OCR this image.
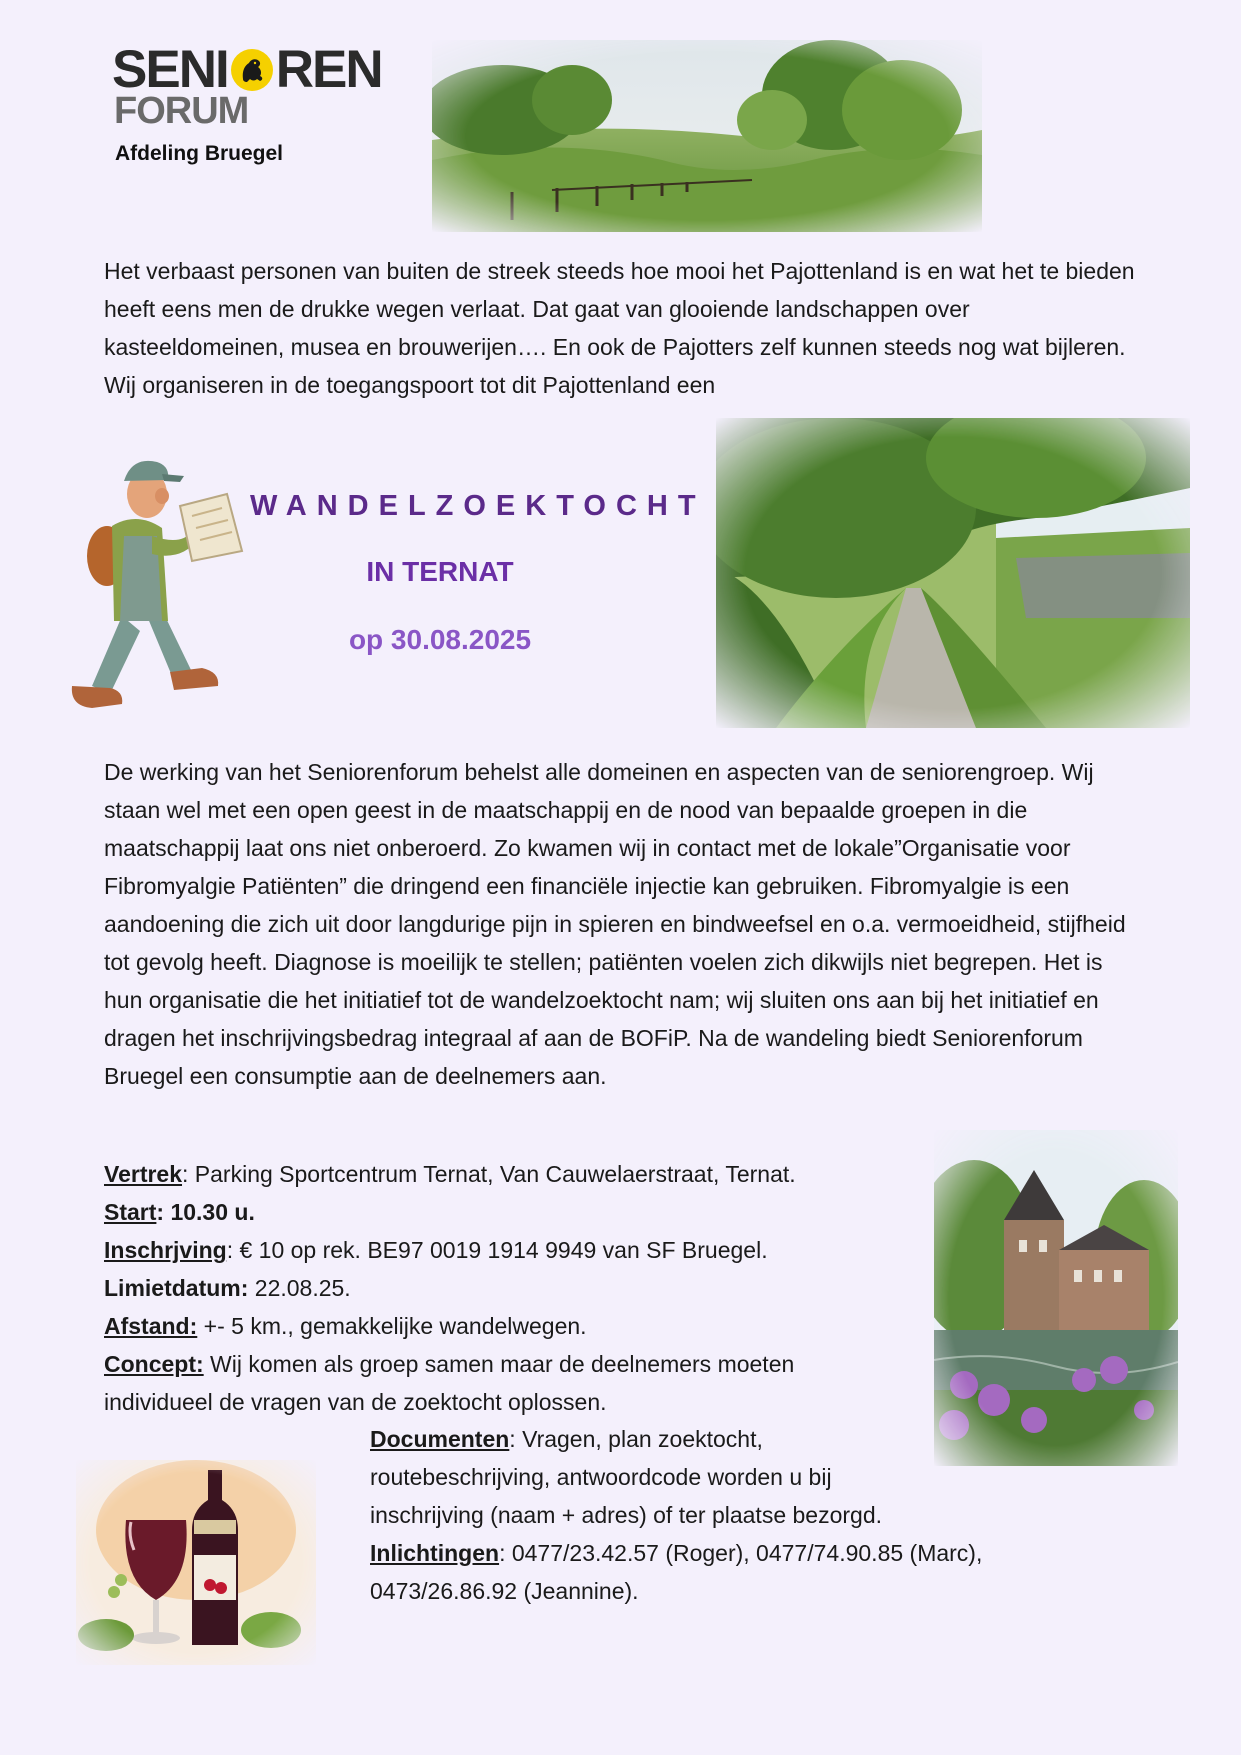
SENI REN
FORUM
Afdeling Bruegel

Het verbaast personen van buiten de streek steeds hoe mooi het Pajottenland is en wat het te bieden heeft eens men de drukke wegen verlaat. Dat gaat van glooiende landschappen over kasteeldomeinen, musea en brouwerijen…. En ook de Pajotters zelf kunnen steeds nog wat bijleren. Wij organiseren in de toegangspoort tot dit Pajottenland een

WANDELZOEKTOCHT
IN TERNAT
op 30.08.2025

De werking van het Seniorenforum behelst alle domeinen en aspecten van de seniorengroep. Wij staan wel met een open geest in de maatschappij en de nood van bepaalde groepen in die maatschappij laat ons niet onberoerd. Zo kwamen wij in contact met de lokale”Organisatie voor Fibromyalgie Patiënten” die dringend een financiële injectie kan gebruiken. Fibromyalgie is een aandoening die zich uit door langdurige pijn in spieren en bindweefsel en o.a. vermoeidheid, stijfheid tot gevolg heeft. Diagnose is moeilijk te stellen; patiënten voelen zich dikwijls niet begrepen. Het is hun organisatie die het initiatief tot de wandelzoektocht nam; wij sluiten ons aan bij het initiatief en dragen het inschrijvingsbedrag integraal af aan de BOFiP. Na de wandeling biedt Seniorenforum Bruegel een consumptie aan de deelnemers aan.

Vertrek: Parking Sportcentrum Ternat, Van Cauwelaerstraat, Ternat.
Start: 10.30 u.
Inschrjving: € 10 op rek. BE97 0019 1914 9949 van SF Bruegel.
Limietdatum: 22.08.25.
Afstand: +- 5 km., gemakkelijke wandelwegen.
Concept: Wij komen als groep samen maar de deelnemers moeten
individueel de vragen van de zoektocht oplossen.
Documenten: Vragen, plan zoektocht,
routebeschrijving, antwoordcode worden u bij
inschrijving (naam + adres) of ter plaatse bezorgd.
Inlichtingen: 0477/23.42.57 (Roger), 0477/74.90.85 (Marc),
0473/26.86.92 (Jeannine).
